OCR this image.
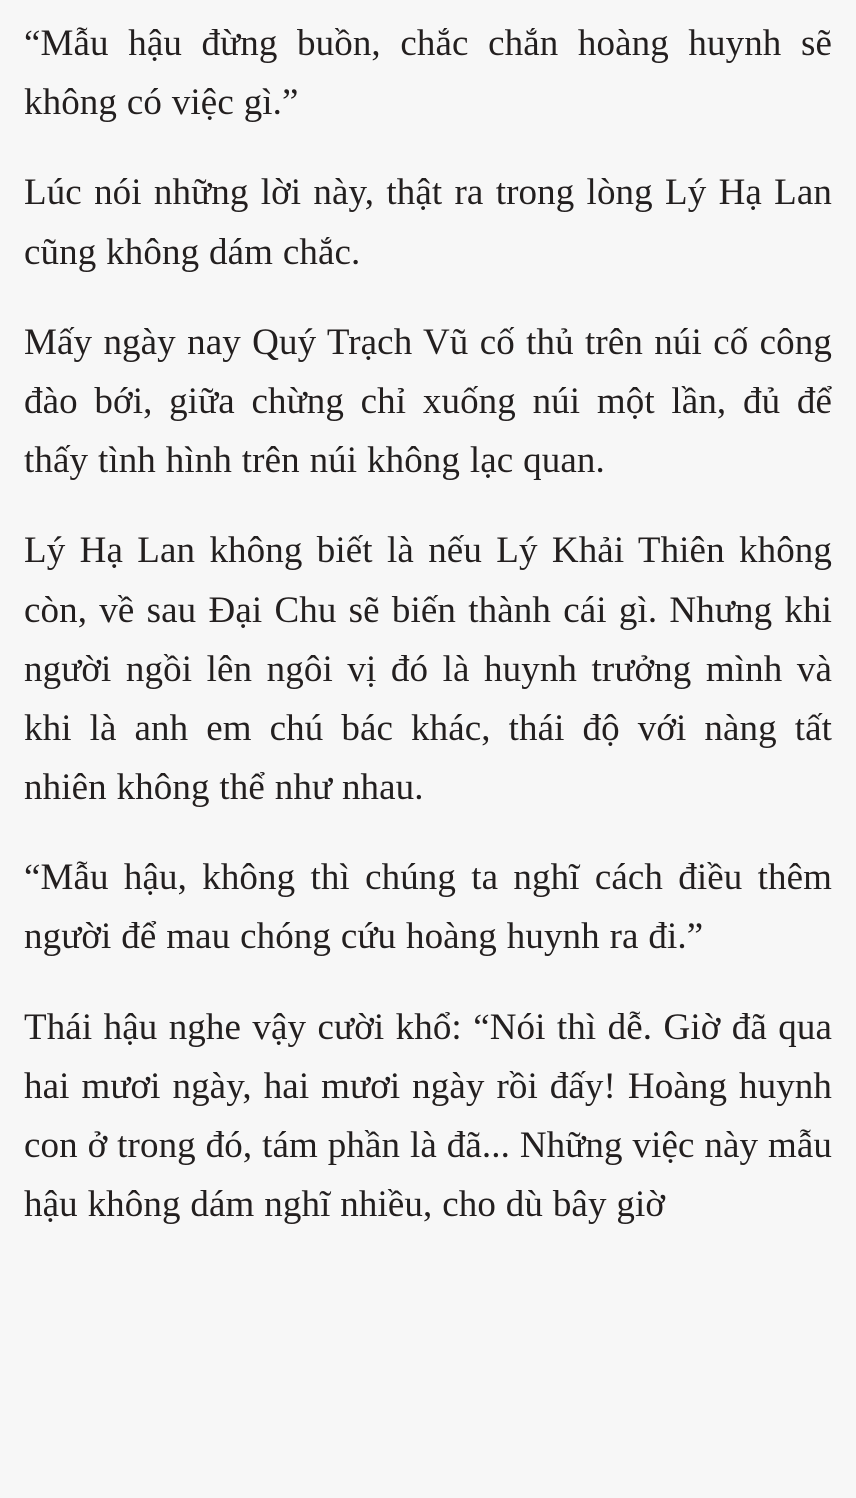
“Mẫu hậu đừng buồn, chắc chắn hoàng huynh sẽ không có việc gì.”

Lúc nói những lời này, thật ra trong lòng Lý Hạ Lan cũng không dám chắc.

Mấy ngày nay Quý Trạch Vũ cố thủ trên núi cố công đào bới, giữa chừng chỉ xuống núi một lần, đủ để thấy tình hình trên núi không lạc quan.

Lý Hạ Lan không biết là nếu Lý Khải Thiên không còn, về sau Đại Chu sẽ biến thành cái gì. Nhưng khi người ngồi lên ngôi vị đó là huynh trưởng mình và khi là anh em chú bác khác, thái độ với nàng tất nhiên không thể như nhau.

“Mẫu hậu, không thì chúng ta nghĩ cách điều thêm người để mau chóng cứu hoàng huynh ra đi.”

Thái hậu nghe vậy cười khổ: “Nói thì dễ. Giờ đã qua hai mươi ngày, hai mươi ngày rồi đấy! Hoàng huynh con ở trong đó, tám phần là đã... Những việc này mẫu hậu không dám nghĩ nhiều, cho dù bây giờ
